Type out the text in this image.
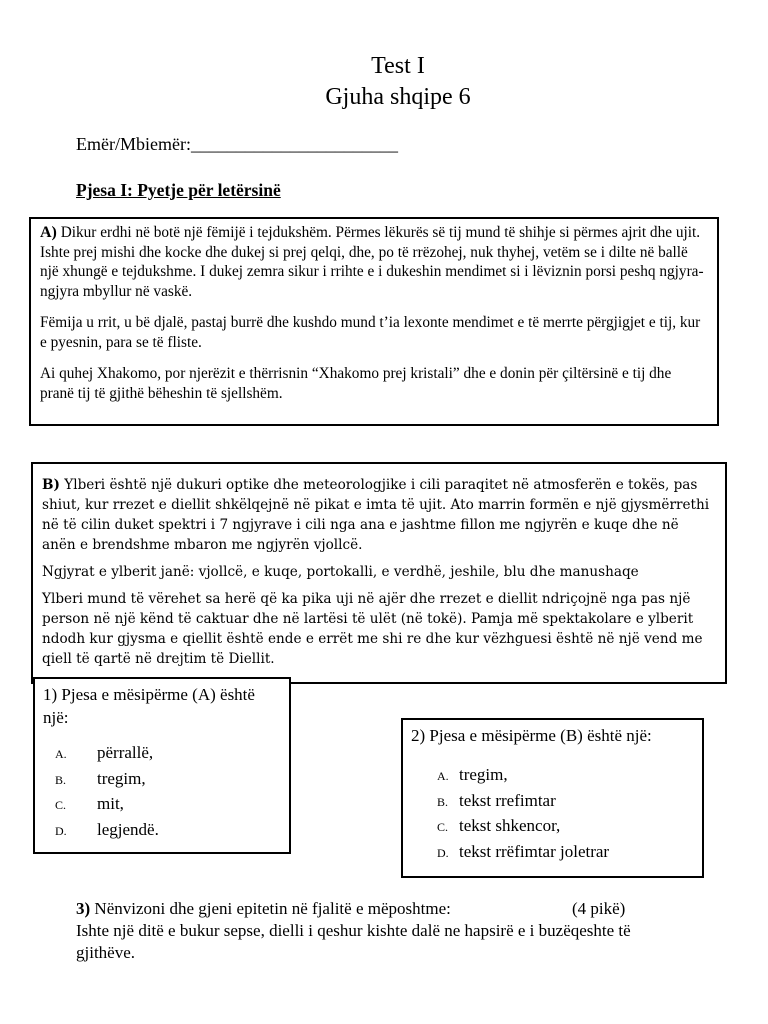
Test I
Gjuha shqipe 6
Emër/Mbiemër:_______________________
Pjesa I: Pyetje për letërsinë

A) Dikur erdhi në botë një fëmijë i tejdukshëm. Përmes lëkurës së tij mund të shihje si përmes ajrit dhe ujit. Ishte prej mishi dhe kocke dhe dukej si prej qelqi, dhe, po të rrëzohej, nuk thyhej, vetëm se i dilte në ballë një xhungë e tejdukshme. I dukej zemra sikur i rrihte e i dukeshin mendimet si i lëviznin porsi peshq ngjyra-ngjyra mbyllur në vaskë.

Fëmija u rrit, u bë djalë, pastaj burrë dhe kushdo mund t’ia lexonte mendimet e të merrte përgjigjet e tij, kur e pyesnin, para se të fliste.

Ai quhej Xhakomo, por njerëzit e thërrisnin “Xhakomo prej kristali” dhe e donin për çiltërsinë e tij dhe pranë tij të gjithë bëheshin të sjellshëm.

B) Ylberi është një dukuri optike dhe meteorologjike i cili paraqitet në atmosferën e tokës, pas shiut, kur rrezet e diellit shkëlqejnë në pikat e imta të ujit. Ato marrin formën e një gjysmërrethi në të cilin duket spektri i 7 ngjyrave i cili nga ana e jashtme fillon me ngjyrën e kuqe dhe në anën e brendshme mbaron me ngjyrën vjollcë.

Ngjyrat e ylberit janë: vjollcë, e kuqe, portokalli, e verdhë, jeshile, blu dhe manushaqe

Ylberi mund të vërehet sa herë që ka pika uji në ajër dhe rrezet e diellit ndriçojnë nga pas një person në një kënd të caktuar dhe në lartësi të ulët (në tokë). Pamja më spektakolare e ylberit ndodh kur gjysma e qiellit është ende e errët me shi re dhe kur vëzhguesi është në një vend me qiell të qartë në drejtim të Diellit.

1) Pjesa e mësipërme (A) është një:
A.	përrallë,
B.	tregim,
C.	mit,
D.	legjendë.
2) Pjesa e mësipërme (B) është një:
A. tregim,
B. tekst rrefimtar
C. tekst shkencor,
D. tekst rrëfimtar joletrar
3) Nënvizoni dhe gjeni epitetin në fjalitë e mëposhtme:	(4 pikë)
Ishte një ditë e bukur sepse, dielli i qeshur kishte dalë ne hapsirë e i buzëqeshte të gjithëve.
